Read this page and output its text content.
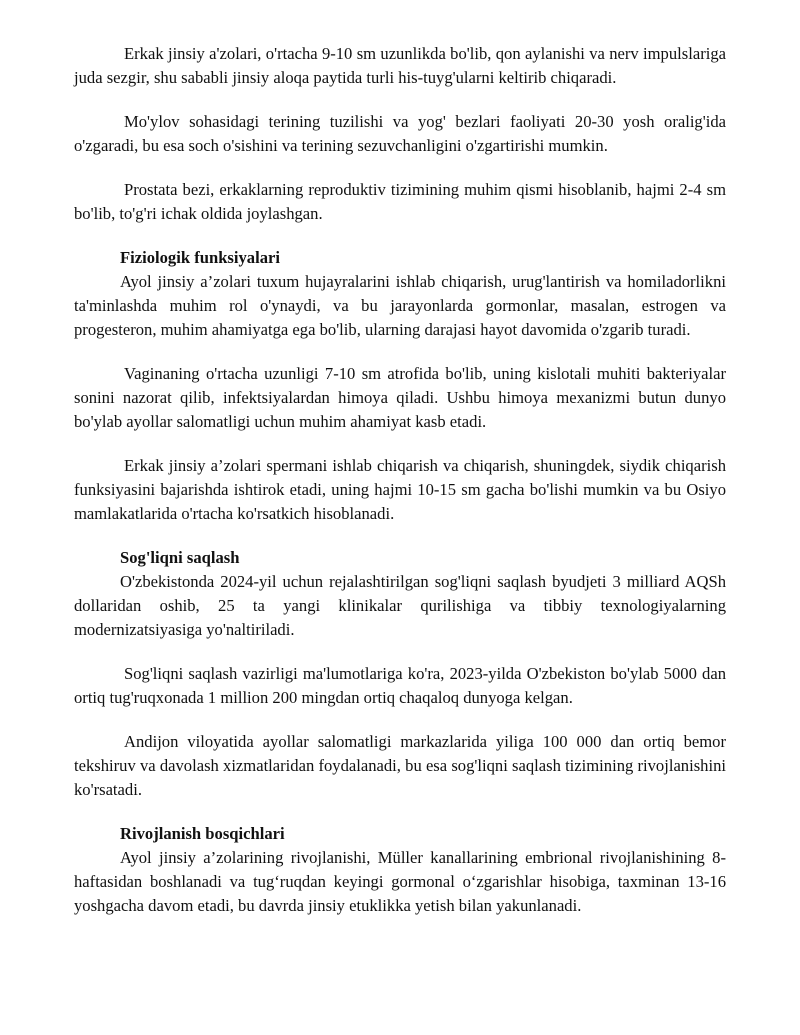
Erkak jinsiy a'zolari, o'rtacha 9-10 sm uzunlikda bo'lib, qon aylanishi va nerv impulslariga juda sezgir, shu sababli jinsiy aloqa paytida turli his-tuyg'ularni keltirib chiqaradi.

Mo'ylov sohasidagi terining tuzilishi va yog' bezlari faoliyati 20-30 yosh oralig'ida o'zgaradi, bu esa soch o'sishini va terining sezuvchanligini o'zgartirishi mumkin.

Prostata bezi, erkaklarning reproduktiv tizimining muhim qismi hisoblanib, hajmi 2-4 sm bo'lib, to'g'ri ichak oldida joylashgan.

Fiziologik funksiyalari

Ayol jinsiy a’zolari tuxum hujayralarini ishlab chiqarish, urug'lantirish va homiladorlikni ta'minlashda muhim rol o'ynaydi, va bu jarayonlarda gormonlar, masalan, estrogen va progesteron, muhim ahamiyatga ega bo'lib, ularning darajasi hayot davomida o'zgarib turadi.

Vaginaning o'rtacha uzunligi 7-10 sm atrofida bo'lib, uning kislotali muhiti bakteriyalar sonini nazorat qilib, infektsiyalardan himoya qiladi. Ushbu himoya mexanizmi butun dunyo bo'ylab ayollar salomatligi uchun muhim ahamiyat kasb etadi.

Erkak jinsiy a’zolari spermani ishlab chiqarish va chiqarish, shuningdek, siydik chiqarish funksiyasini bajarishda ishtirok etadi, uning hajmi 10-15 sm gacha bo'lishi mumkin va bu Osiyo mamlakatlarida o'rtacha ko'rsatkich hisoblanadi.

Sog'liqni saqlash

O'zbekistonda 2024-yil uchun rejalashtirilgan sog'liqni saqlash byudjeti 3 milliard AQSh dollaridan oshib, 25 ta yangi klinikalar qurilishiga va tibbiy texnologiyalarning modernizatsiyasiga yo'naltiriladi.

Sog'liqni saqlash vazirligi ma'lumotlariga ko'ra, 2023-yilda O'zbekiston bo'ylab 5000 dan ortiq tug'ruqxonada 1 million 200 mingdan ortiq chaqaloq dunyoga kelgan.

Andijon viloyatida ayollar salomatligi markazlarida yiliga 100 000 dan ortiq bemor tekshiruv va davolash xizmatlaridan foydalanadi, bu esa sog'liqni saqlash tizimining rivojlanishini ko'rsatadi.

Rivojlanish bosqichlari

Ayol jinsiy a’zolarining rivojlanishi, Müller kanallarining embrional rivojlanishining 8-haftasidan boshlanadi va tug‘ruqdan keyingi gormonal o‘zgarishlar hisobiga, taxminan 13-16 yoshgacha davom etadi, bu davrda jinsiy etuklikka yetish bilan yakunlanadi.
